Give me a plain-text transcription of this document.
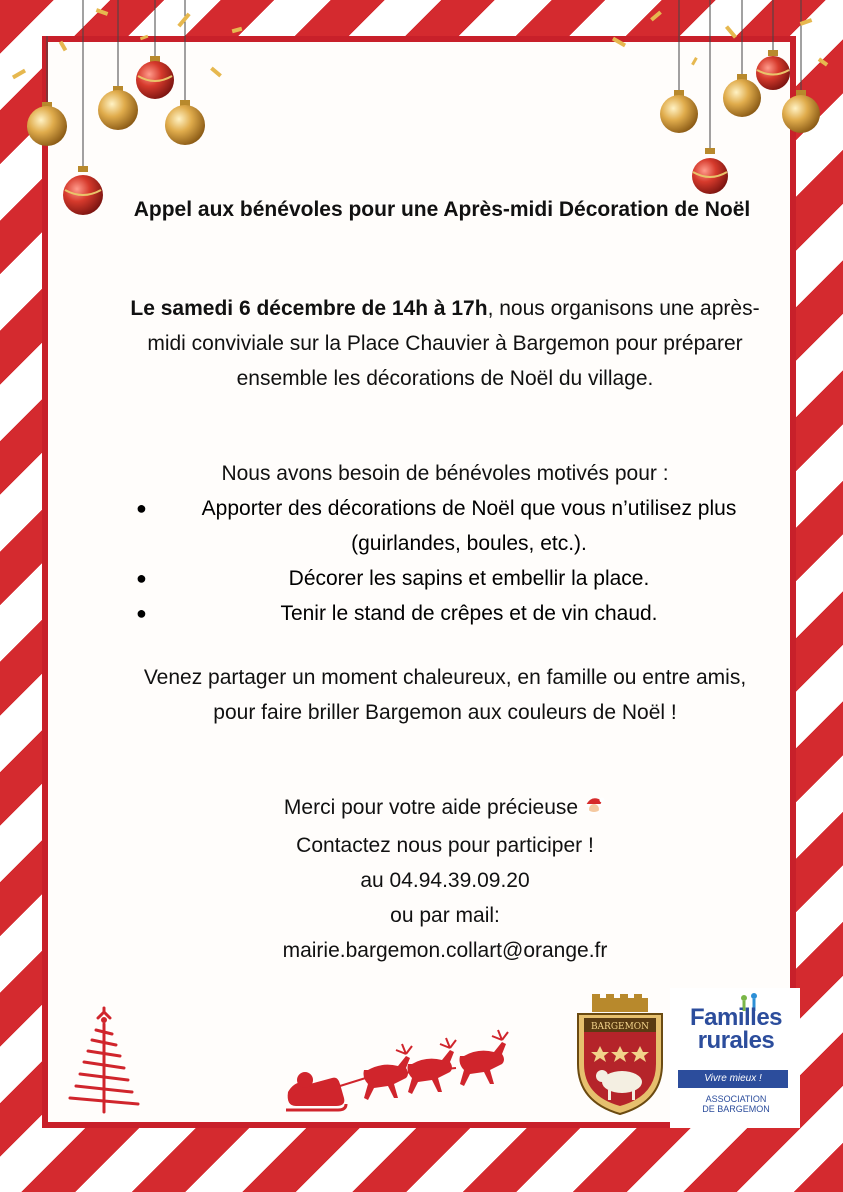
Appel aux bénévoles pour une Après-midi Décoration de Noël
Le samedi 6 décembre de 14h à 17h, nous organisons une après-midi conviviale sur la Place Chauvier à Bargemon pour préparer ensemble les décorations de Noël du village.
Nous avons besoin de bénévoles motivés pour :
●	Apporter des décorations de Noël que vous n’utilisez plus (guirlandes, boules, etc.).
●	Décorer les sapins et embellir la place.
●	Tenir le stand de crêpes et de vin chaud.
Venez partager un moment chaleureux, en famille ou entre amis, pour faire briller Bargemon aux couleurs de Noël !
Merci pour votre aide précieuse
Contactez nous pour participer !
au 04.94.39.09.20
ou par mail:
mairie.bargemon.collart@orange.fr
BARGEMON	Familles
rurales
Vivre mieux !
ASSOCIATION
DE BARGEMON
